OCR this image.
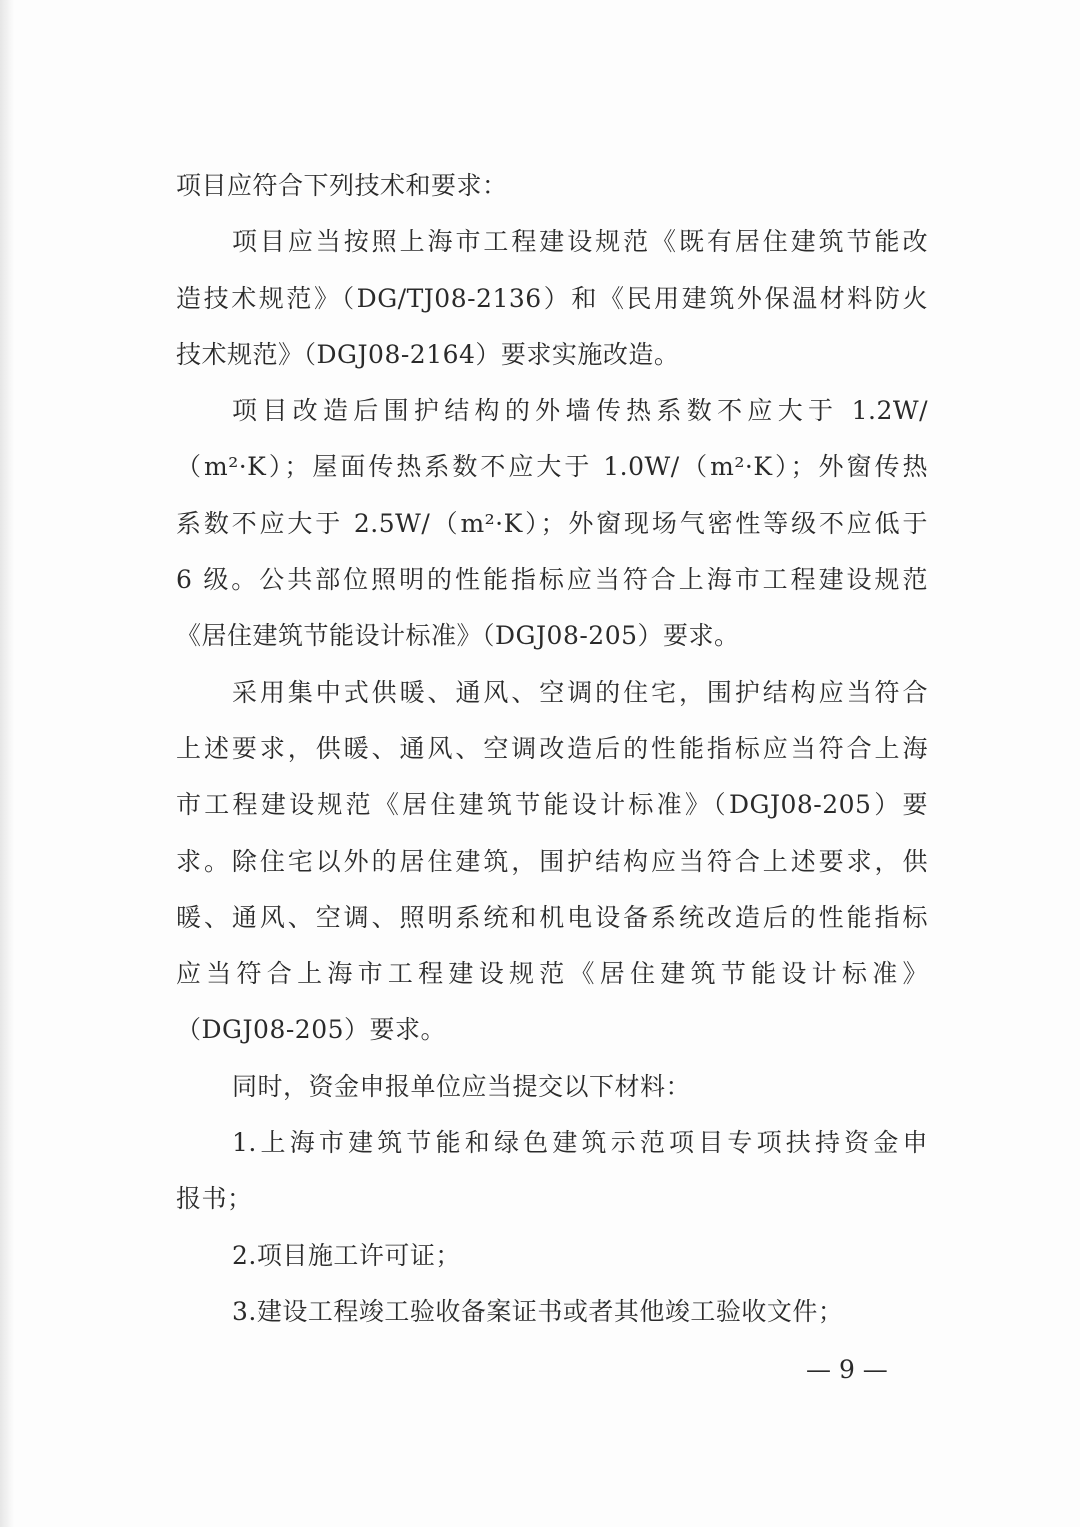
项目应符合下列技术和要求：
项目应当按照上海市工程建设规范《既有居住建筑节能改
造技术规范》（DG/TJ08-2136）和《民用建筑外保温材料防火
技术规范》（DGJ08-2164）要求实施改造。
项目改造后围护结构的外墙传热系数不应大于 1.2W/
（m²·K）；屋面传热系数不应大于 1.0W/（m²·K）；外窗传热
系数不应大于 2.5W/（m²·K）；外窗现场气密性等级不应低于
6 级。公共部位照明的性能指标应当符合上海市工程建设规范
《居住建筑节能设计标准》（DGJ08-205）要求。
采用集中式供暖、通风、空调的住宅，围护结构应当符合
上述要求，供暖、通风、空调改造后的性能指标应当符合上海
市工程建设规范《居住建筑节能设计标准》（DGJ08-205）要
求。除住宅以外的居住建筑，围护结构应当符合上述要求，供
暖、通风、空调、照明系统和机电设备系统改造后的性能指标
应当符合上海市工程建设规范《居住建筑节能设计标准》
（DGJ08-205）要求。
同时，资金申报单位应当提交以下材料：
1.上海市建筑节能和绿色建筑示范项目专项扶持资金申
报书；
2.项目施工许可证；
3.建设工程竣工验收备案证书或者其他竣工验收文件；
— 9 —
